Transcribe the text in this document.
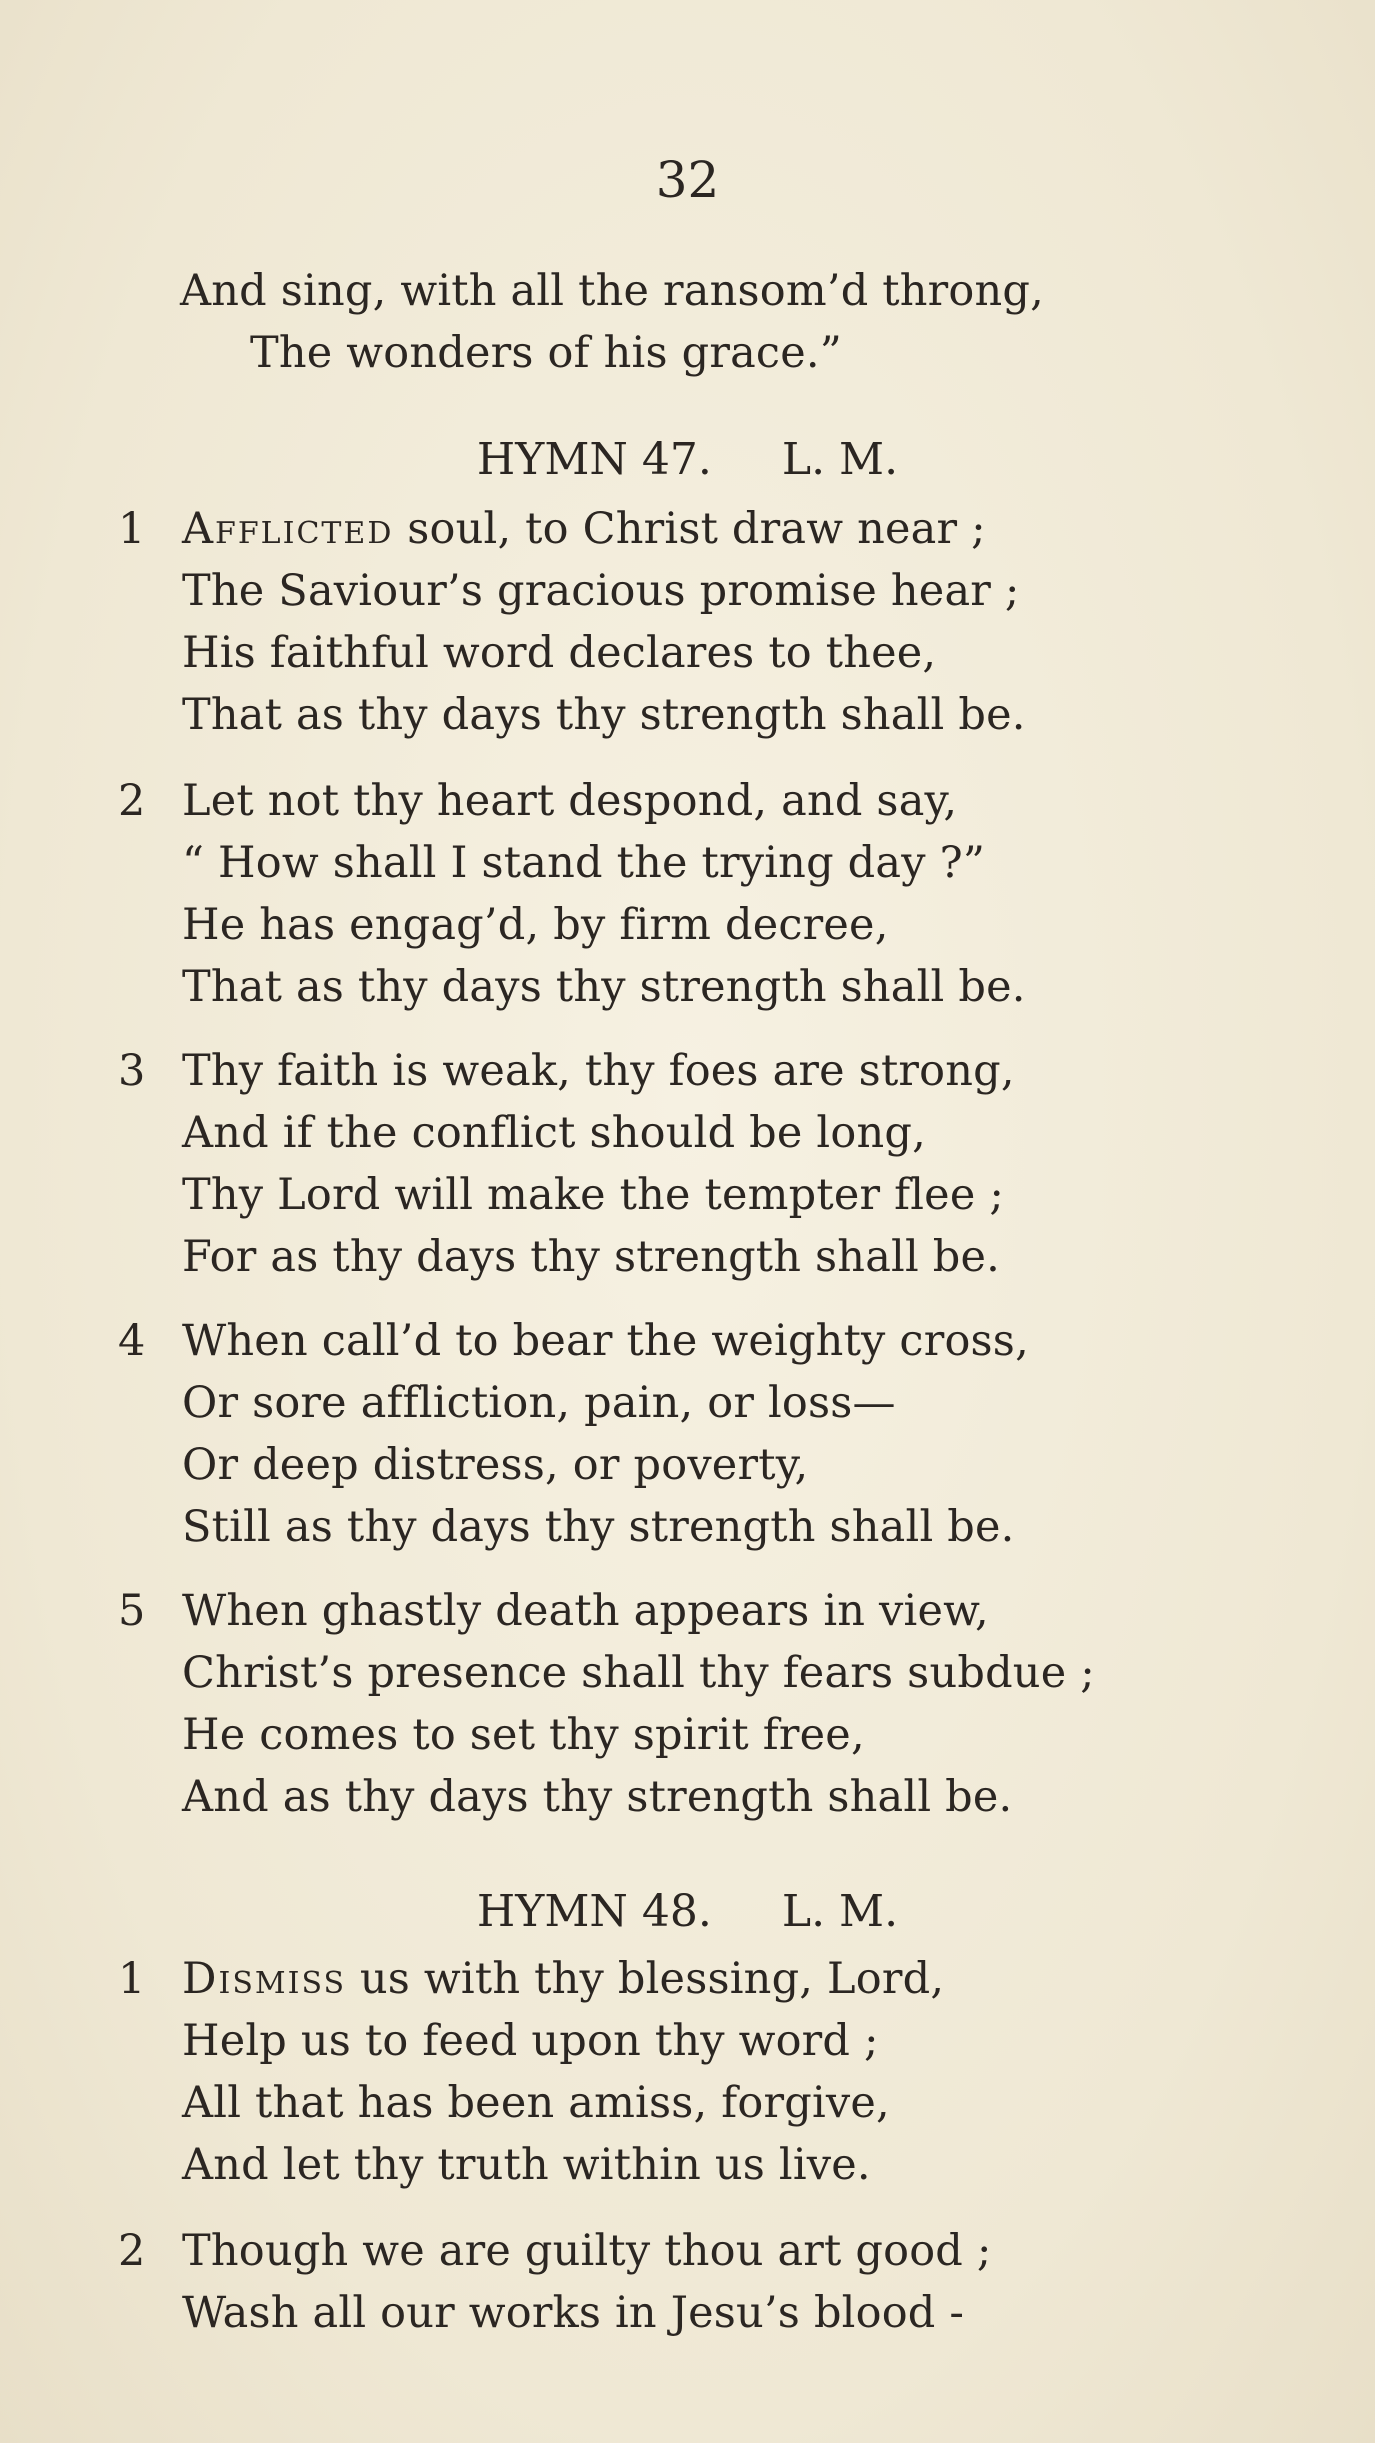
32
And sing, with all the ransom’d throng,
The wonders of his grace.”
HYMN 47. L. M.
1 Afflicted soul, to Christ draw near ;
The Saviour’s gracious promise hear ;
His faithful word declares to thee,
That as thy days thy strength shall be.
2 Let not thy heart despond, and say,
“ How shall I stand the trying day ?”
He has engag’d, by firm decree,
That as thy days thy strength shall be.
3 Thy faith is weak, thy foes are strong,
And if the conflict should be long,
Thy Lord will make the tempter flee ;
For as thy days thy strength shall be.
4 When call’d to bear the weighty cross,
Or sore affliction, pain, or loss—
Or deep distress, or poverty,
Still as thy days thy strength shall be.
5 When ghastly death appears in view,
Christ’s presence shall thy fears subdue ;
He comes to set thy spirit free,
And as thy days thy strength shall be.
HYMN 48. L. M.
1 Dismiss us with thy blessing, Lord,
Help us to feed upon thy word ;
All that has been amiss, forgive,
And let thy truth within us live.
2 Though we are guilty thou art good ;
Wash all our works in Jesu’s blood -
